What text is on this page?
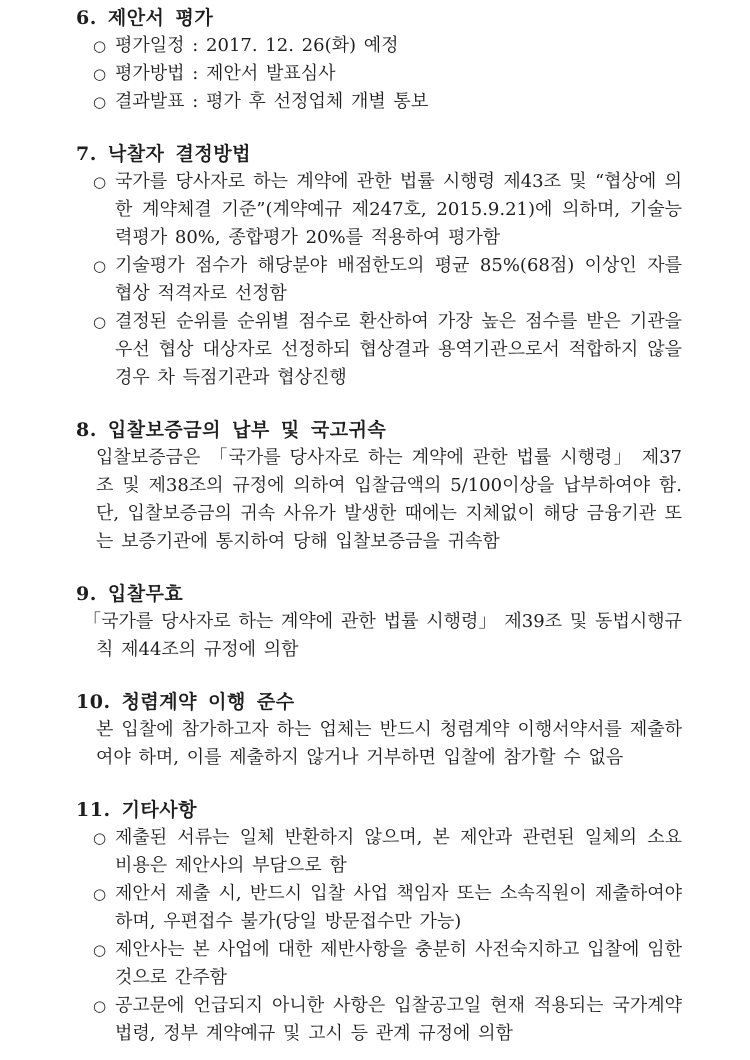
6. 제안서 평가
○ 평가일정 : 2017. 12. 26(화) 예정
○ 평가방법 : 제안서 발표심사
○ 결과발표 : 평가 후 선정업체 개별 통보
7. 낙찰자 결정방법
○ 국가를 당사자로 하는 계약에 관한 법률 시행령 제43조 및 “협상에 의한 계약체결 기준”(계약예규 제247호, 2015.9.21)에 의하며, 기술능력평가 80%, 종합평가 20%를 적용하여 평가함
○ 기술평가 점수가 해당분야 배점한도의 평균 85%(68점) 이상인 자를 협상 적격자로 선정함
○ 결정된 순위를 순위별 점수로 환산하여 가장 높은 점수를 받은 기관을 우선 협상 대상자로 선정하되 협상결과 용역기관으로서 적합하지 않을 경우 차 득점기관과 협상진행
8. 입찰보증금의 납부 및 국고귀속
입찰보증금은 「국가를 당사자로 하는 계약에 관한 법률 시행령」 제37조 및 제38조의 규정에 의하여 입찰금액의 5/100이상을 납부하여야 함. 단, 입찰보증금의 귀속 사유가 발생한 때에는 지체없이 해당 금융기관 또는 보증기관에 통지하여 당해 입찰보증금을 귀속함
9. 입찰무효
「국가를 당사자로 하는 계약에 관한 법률 시행령」 제39조 및 동법시행규칙 제44조의 규정에 의함
10. 청렴계약 이행 준수
본 입찰에 참가하고자 하는 업체는 반드시 청렴계약 이행서약서를 제출하여야 하며, 이를 제출하지 않거나 거부하면 입찰에 참가할 수 없음
11. 기타사항
○ 제출된 서류는 일체 반환하지 않으며, 본 제안과 관련된 일체의 소요 비용은 제안사의 부담으로 함
○ 제안서 제출 시, 반드시 입찰 사업 책임자 또는 소속직원이 제출하여야 하며, 우편접수 불가(당일 방문접수만 가능)
○ 제안사는 본 사업에 대한 제반사항을 충분히 사전숙지하고 입찰에 임한 것으로 간주함
○ 공고문에 언급되지 아니한 사항은 입찰공고일 현재 적용되는 국가계약법령, 정부 계약예규 및 고시 등 관계 규정에 의함
